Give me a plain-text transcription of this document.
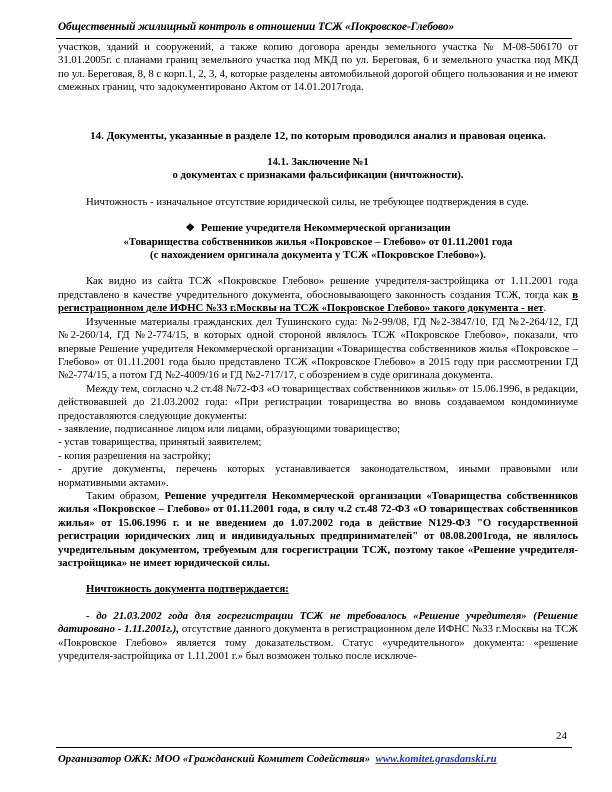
Общественный жилищный контроль в отношении ТСЖ «Покровское-Глебово»

участков, зданий и сооружений, а также копию договора аренды земельного участка № М-08-506170 от 31.01.2005г. с планами границ земельного участка под МКД по ул. Береговая, 6 и земельного участка под МКД по ул. Береговая, 8, 8 с корп.1, 2, 3, 4, которые разделены автомобильной дорогой общего пользования и не имеют смежных границ, что задокументировано Актом от 14.01.2017года.

14. Документы, указанные в разделе 12, по которым проводился анализ и правовая оценка.

14.1. Заключение №1

о документах с признаками фальсификации (ничтожности).

Ничтожность - изначальное отсутствие юридической силы, не требующее подтверждения в суде.

❖ Решение учредителя Некоммерческой организации

«Товарищества собственников жилья «Покровское – Глебово» от 01.11.2001 года

(с нахождением оригинала документа у ТСЖ «Покровское Глебово»).

Как видно из сайта ТСЖ «Покровское Глебово» решение учредителя-застройщика от 1.11.2001 года представлено в качестве учредительного документа, обосновывающего законность создания ТСЖ, тогда как в регистрационном деле ИФНС №33 г.Москвы на ТСЖ «Покровское Глебово» такого документа - нет.

Изученные материалы гражданских дел Тушинского суда: №2-99/08, ГД №2-3847/10, ГД №2-264/12, ГД №2-260/14, ГД №2-774/15, в которых одной стороной являлось ТСЖ «Покровское Глебово», показали, что впервые Решение учредителя Некоммерческой организации «Товарищества собственников жилья «Покровское – Глебово» от 01.11.2001 года было представлено ТСЖ «Покровское Глебово» в 2015 году при рассмотрении ГД №2-774/15, а потом ГД №2-4009/16 и ГД №2-717/17, с обозрением в суде оригинала документа.

Между тем, согласно ч.2 ст.48 №72-ФЗ «О товариществах собственников жилья» от 15.06.1996, в редакции, действовавшей до 21.03.2002 года: «При регистрации товарищества во вновь создаваемом кондоминиуме предоставляются следующие документы:

- заявление, подписанное лицом или лицами, образующими товарищество;

- устав товарищества, принятый заявителем;

- копия разрешения на застройку;

- другие документы, перечень которых устанавливается законодательством, иными правовыми или нормативными актами».

Таким образом, Решение учредителя Некоммерческой организации «Товарищества собственников жилья «Покровское – Глебово» от 01.11.2001 года, в силу ч.2 ст.48 72-ФЗ «О товариществах собственников жилья» от 15.06.1996 г. и не введением до 1.07.2002 года в действие N129-ФЗ "О государственной регистрации юридических лиц и индивидуальных предпринимателей" от 08.08.2001года, не являлось учредительным документом, требуемым для госрегистрации ТСЖ, поэтому такое «Решение учредителя-застройщика» не имеет юридической силы.

Ничтожность документа подтверждается:

- до 21.03.2002 года для госрегистрации ТСЖ не требовалось «Решение учредителя» (Решение датировано - 1.11.2001г.), отсутствие данного документа в регистрационном деле ИФНС №33 г.Москвы на ТСЖ «Покровское Глебово» является тому доказательством. Статус «учредительного» документа: «решение учредителя-застройщика от 1.11.2001 г.» был возможен только после исключе-

24
Организатор ОЖК: МОО «Гражданский Комитет Содействия» www.komitet.grasdanski.ru
